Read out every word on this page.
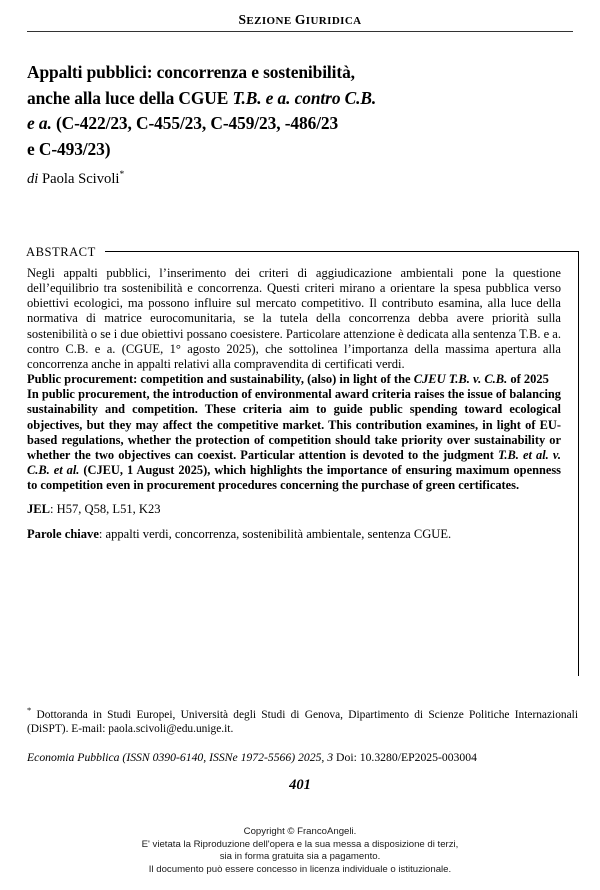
SEZIONE GIURIDICA
Appalti pubblici: concorrenza e sostenibilità,
anche alla luce della CGUE T.B. e a. contro C.B.
e a. (C-422/23, C-455/23, C-459/23, -486/23
e C-493/23)
di Paola Scivoli*
ABSTRACT

Negli appalti pubblici, l’inserimento dei criteri di aggiudicazione ambientali pone la questione dell’equilibrio tra sostenibilità e concorrenza. Questi criteri mirano a orientare la spesa pubblica verso obiettivi ecologici, ma possono influire sul mercato competitivo. Il contributo esamina, alla luce della normativa di matrice eurocomunitaria, se la tutela della concorrenza debba avere priorità sulla sostenibilità o se i due obiettivi possano coesistere. Particolare attenzione è dedicata alla sentenza T.B. e a. contro C.B. e a. (CGUE, 1° agosto 2025), che sottolinea l’importanza della massima apertura alla concorrenza anche in appalti relativi alla compravendita di certificati verdi.

Public procurement: competition and sustainability, (also) in light of the CJEU T.B. v. C.B. of 2025

In public procurement, the introduction of environmental award criteria raises the issue of balancing sustainability and competition. These criteria aim to guide public spending toward ecological objectives, but they may affect the competitive market. This contribution examines, in light of EU-based regulations, whether the protection of competition should take priority over sustainability or whether the two objectives can coexist. Particular attention is devoted to the judgment T.B. et al. v. C.B. et al. (CJEU, 1 August 2025), which highlights the importance of ensuring maximum openness to competition even in procurement procedures concerning the purchase of green certificates.

JEL: H57, Q58, L51, K23

Parole chiave: appalti verdi, concorrenza, sostenibilità ambientale, sentenza CGUE.

* Dottoranda in Studi Europei, Università degli Studi di Genova, Dipartimento di Scienze Politiche Internazionali (DiSPT). E-mail: paola.scivoli@edu.unige.it.
Economia Pubblica (ISSN 0390-6140, ISSNe 1972-5566) 2025, 3 Doi: 10.3280/EP2025-003004
401
Copyright © FrancoAngeli.
E' vietata la Riproduzione dell'opera e la sua messa a disposizione di terzi,
sia in forma gratuita sia a pagamento.
Il documento può essere concesso in licenza individuale o istituzionale.
